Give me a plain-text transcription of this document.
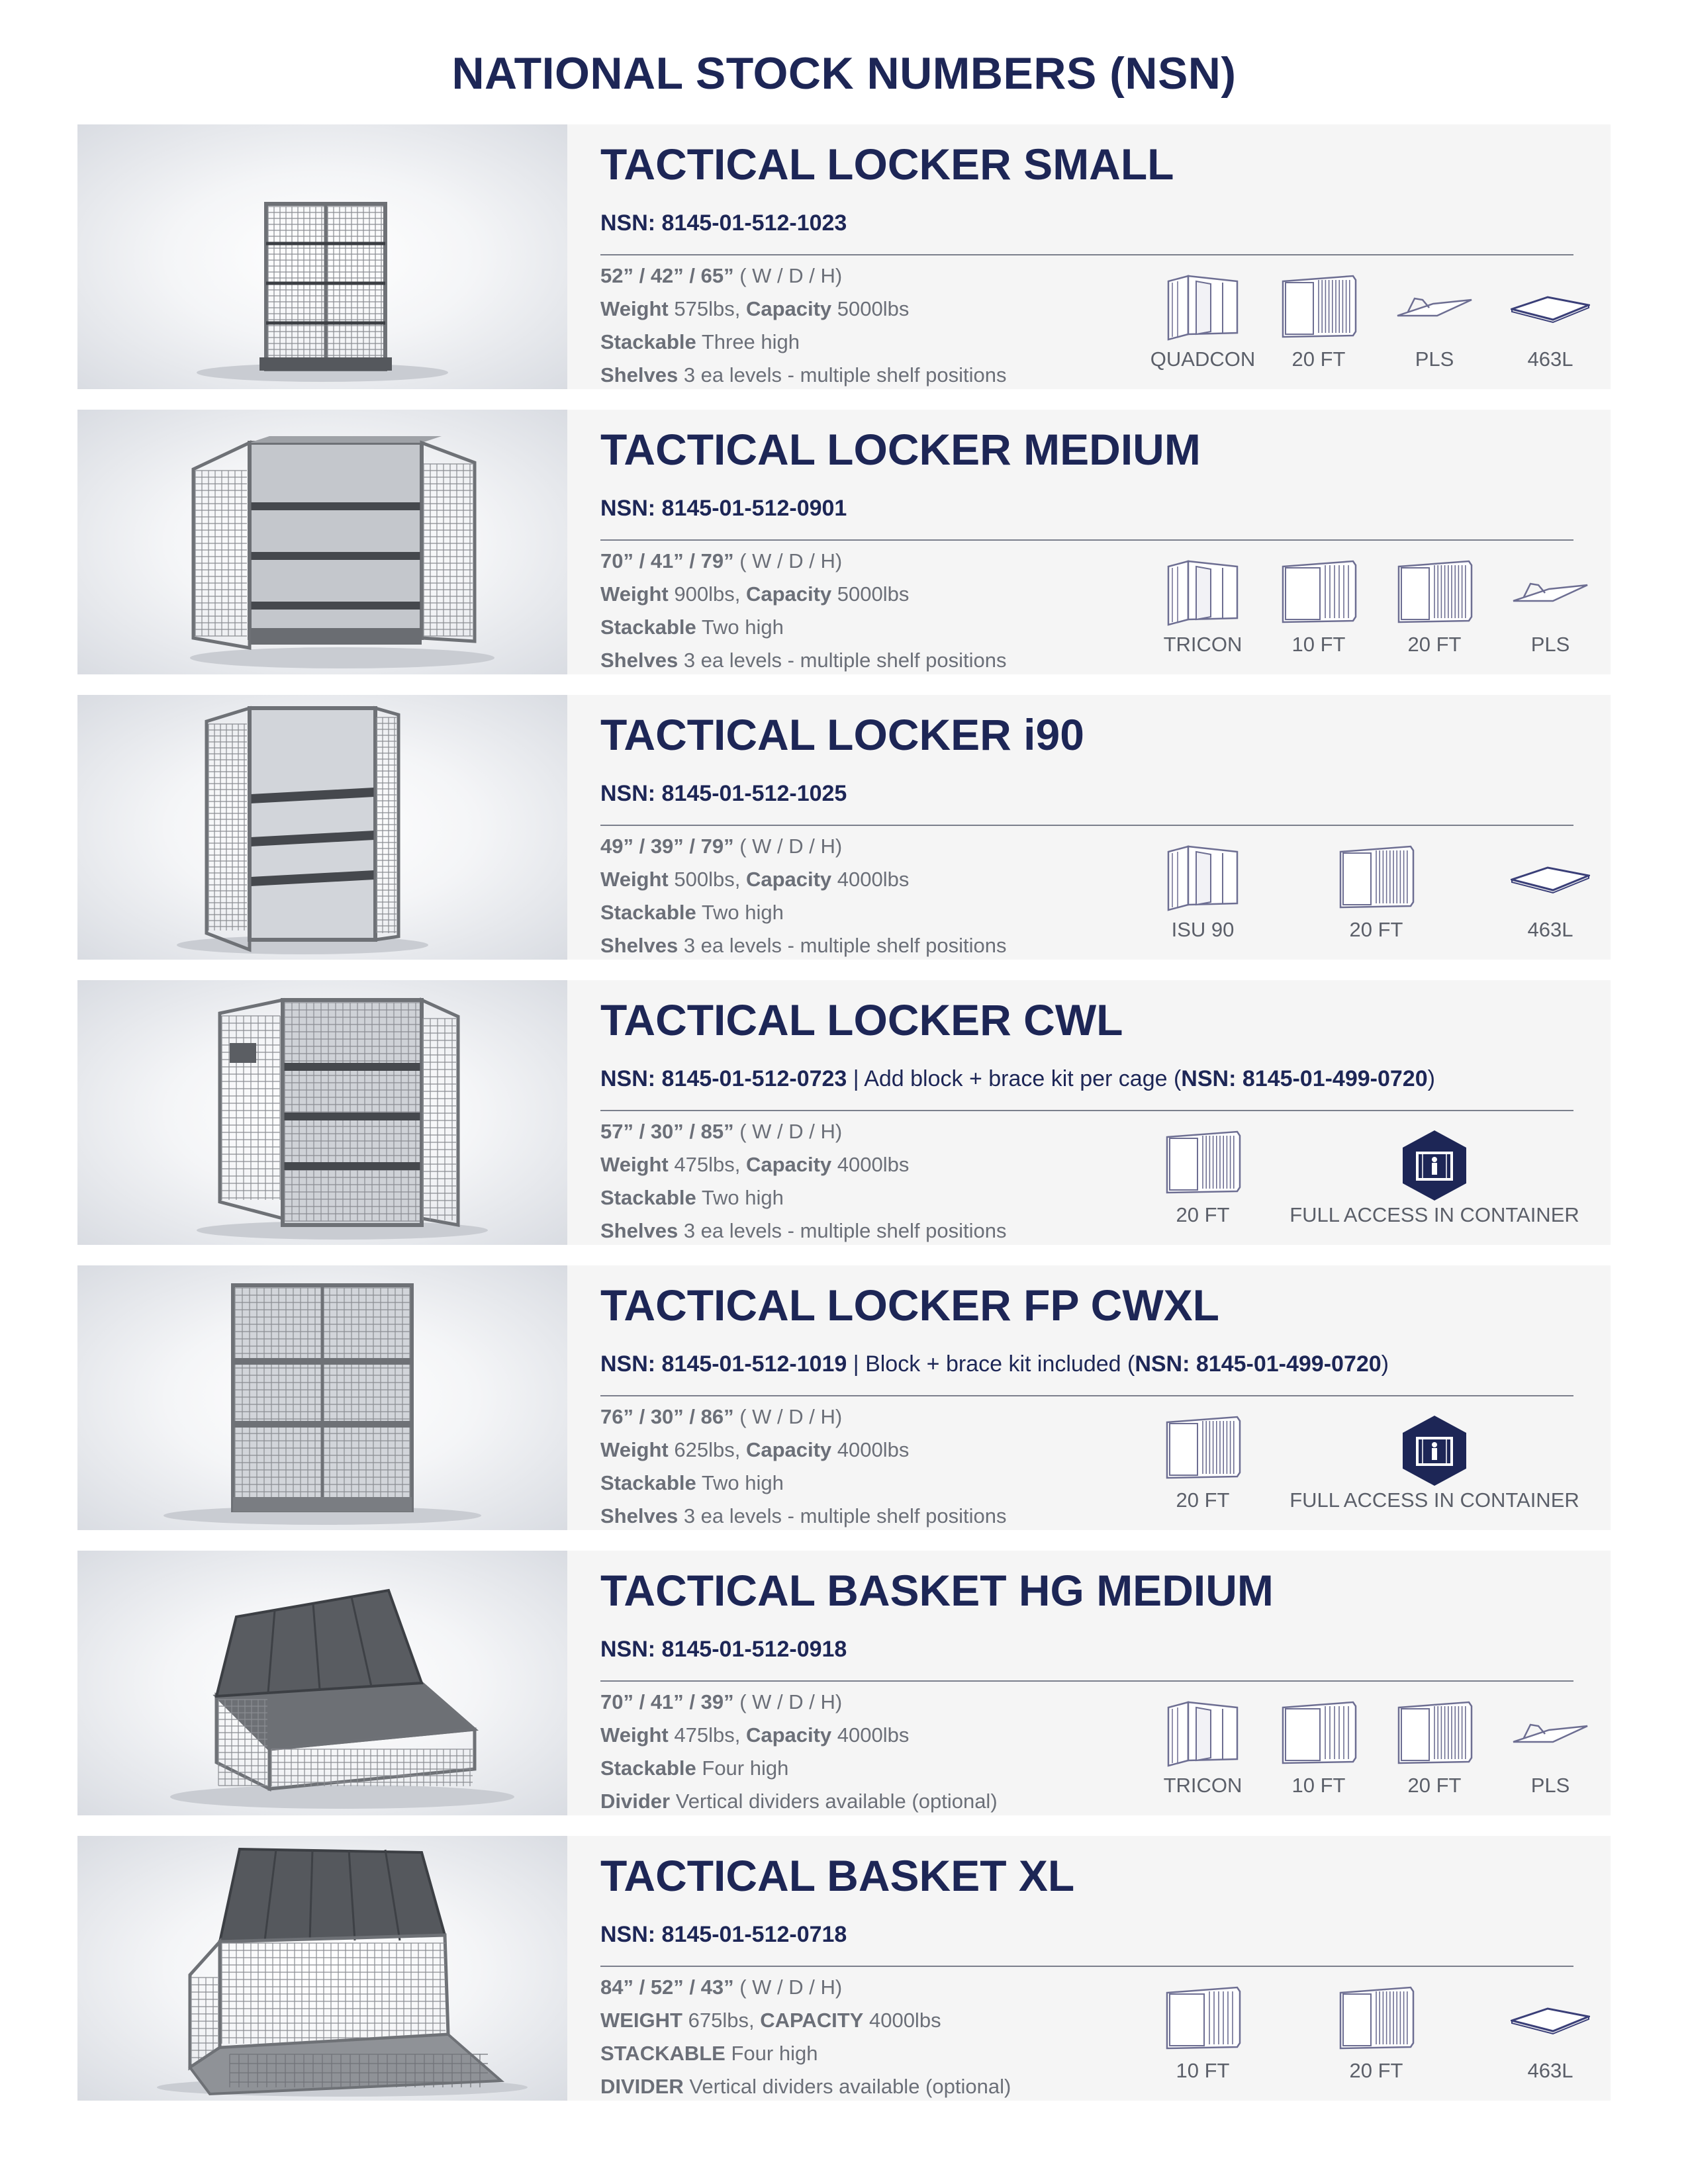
NATIONAL STOCK NUMBERS (NSN)
TACTICAL LOCKER SMALL
NSN: 8145-01-512-1023
52” / 42” / 65” ( W / D / H)
Weight 575lbs, Capacity 5000lbs
Stackable Three high
Shelves 3 ea levels - multiple shelf positions
QUADCON	20 FT	PLS	463L
TACTICAL LOCKER MEDIUM
NSN: 8145-01-512-0901
70” / 41” / 79” ( W / D / H)
Weight 900lbs, Capacity 5000lbs
Stackable Two high
Shelves 3 ea levels - multiple shelf positions
TRICON	10 FT	20 FT	PLS
TACTICAL LOCKER i90
NSN: 8145-01-512-1025
49” / 39” / 79” ( W / D / H)
Weight 500lbs, Capacity 4000lbs
Stackable Two high
Shelves 3 ea levels - multiple shelf positions
ISU 90	20 FT	463L
TACTICAL LOCKER CWL
NSN: 8145-01-512-0723 | Add block + brace kit per cage (NSN: 8145-01-499-0720)
57” / 30” / 85” ( W / D / H)
Weight 475lbs, Capacity 4000lbs
Stackable Two high
Shelves 3 ea levels - multiple shelf positions
20 FT	FULL ACCESS IN CONTAINER
TACTICAL LOCKER FP CWXL
NSN: 8145-01-512-1019 | Block + brace kit included (NSN: 8145-01-499-0720)
76” / 30” / 86” ( W / D / H)
Weight 625lbs, Capacity 4000lbs
Stackable Two high
Shelves 3 ea levels - multiple shelf positions
20 FT	FULL ACCESS IN CONTAINER
TACTICAL BASKET HG MEDIUM
NSN: 8145-01-512-0918
70” / 41” / 39” ( W / D / H)
Weight 475lbs, Capacity 4000lbs
Stackable Four high
Divider Vertical dividers available (optional)
TRICON	10 FT	20 FT	PLS
TACTICAL BASKET XL
NSN: 8145-01-512-0718
84” / 52” / 43” ( W / D / H)
WEIGHT 675lbs, CAPACITY 4000lbs
STACKABLE Four high
DIVIDER Vertical dividers available (optional)
10 FT	20 FT	463L
